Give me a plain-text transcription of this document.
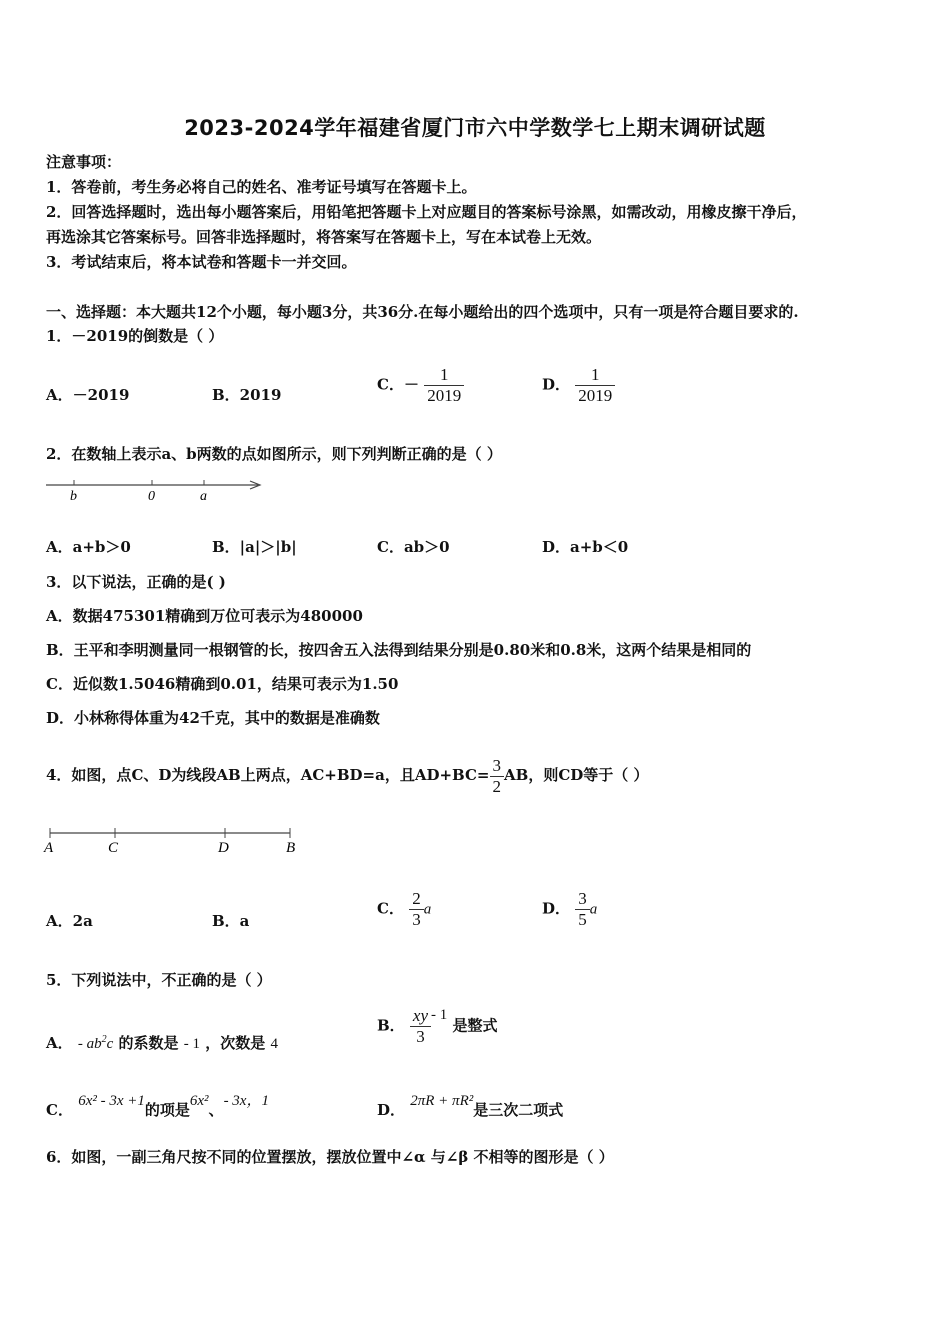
2023-2024学年福建省厦门市六中学数学七上期末调研试题
注意事项：
1．答卷前，考生务必将自己的姓名、准考证号填写在答题卡上。
2．回答选择题时，选出每小题答案后，用铅笔把答题卡上对应题目的答案标号涂黑，如需改动，用橡皮擦干净后，
再选涂其它答案标号。回答非选择题时，将答案写在答题卡上，写在本试卷上无效。
3．考试结束后，将本试卷和答题卡一并交回。
一、选择题：本大题共12个小题，每小题3分，共36分.在每小题给出的四个选项中，只有一项是符合题目要求的.
1．－2019的倒数是（ ）
A．－2019	B．2019
C．－ $\frac{1}{2019}$	D． $\frac{1}{2019}$
2．在数轴上表示a、b两数的点如图所示，则下列判断正确的是（ ）
b	0	a
A．a+b＞0	B．|a|＞|b|	C．ab＞0	D．a+b＜0
3．以下说法，正确的是( )
A．数据475301精确到万位可表示为480000
B．王平和李明测量同一根钢管的长，按四舍五入法得到结果分别是0.80米和0.8米，这两个结果是相同的
C．近似数1.5046精确到0.01，结果可表示为1.50
D．小林称得体重为42千克，其中的数据是准确数
4．如图，点C、D为线段AB上两点，AC+BD=a，且$AD+BC= \frac{3}{2}$ AB，则CD等于（ ）
A	C	D	B
A．2a	B．a
C． $\frac{2}{3}$ a	D． $\frac{3}{5}$ a
5．下列说法中，不正确的是（ ）
A． - $ab^2c$ 的系数是 - 1 ，次数是 4
B． $\frac{xy}{3} - 1$ 是整式
C． 6x² - 3x +1的项是6x²、- 3x，1	D． 2πR + πR²是三次二项式
6．如图，一副三角尺按不同的位置摆放，摆放位置中∠α 与∠β 不相等的图形是（ ）
